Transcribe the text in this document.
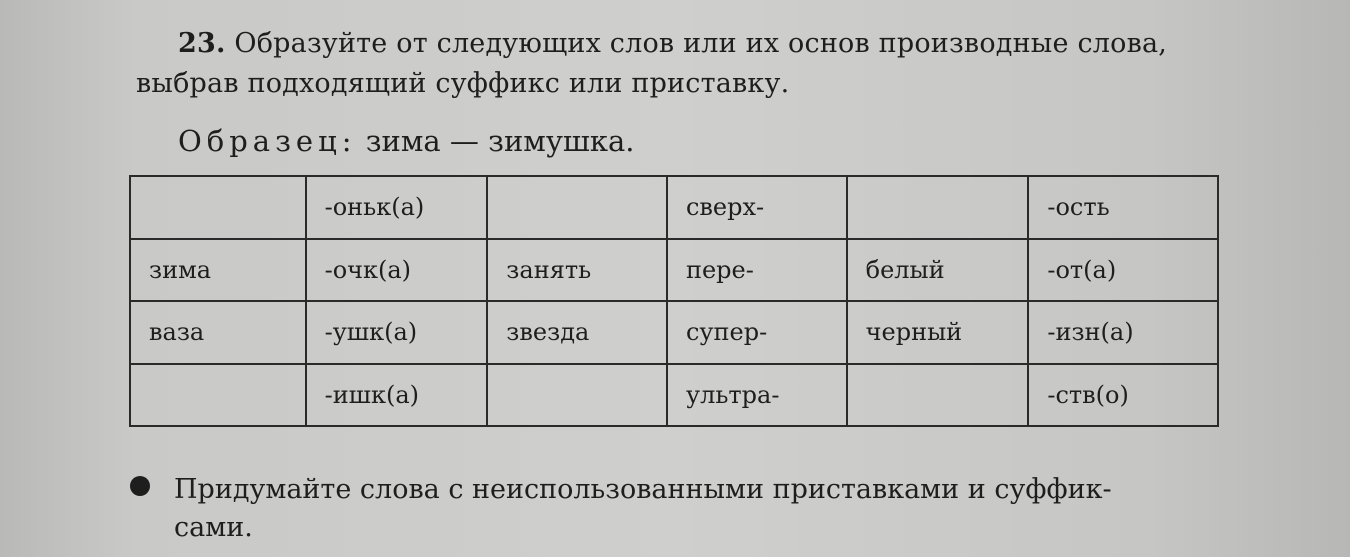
23. Образуйте от следующих слов или их основ производные слова,
выбрав подходящий суффикс или приставку.
Образец: зима — зимушка.
	-оньк(а)		сверх-		-ость
зима	-очк(а)	занять	пере-	белый	-от(а)
ваза	-ушк(а)	звезда	супер-	черный	-изн(а)
	-ишк(а)		ультра-		-ств(о)
Придумайте слова с неиспользованными приставками и суффик-
сами.
